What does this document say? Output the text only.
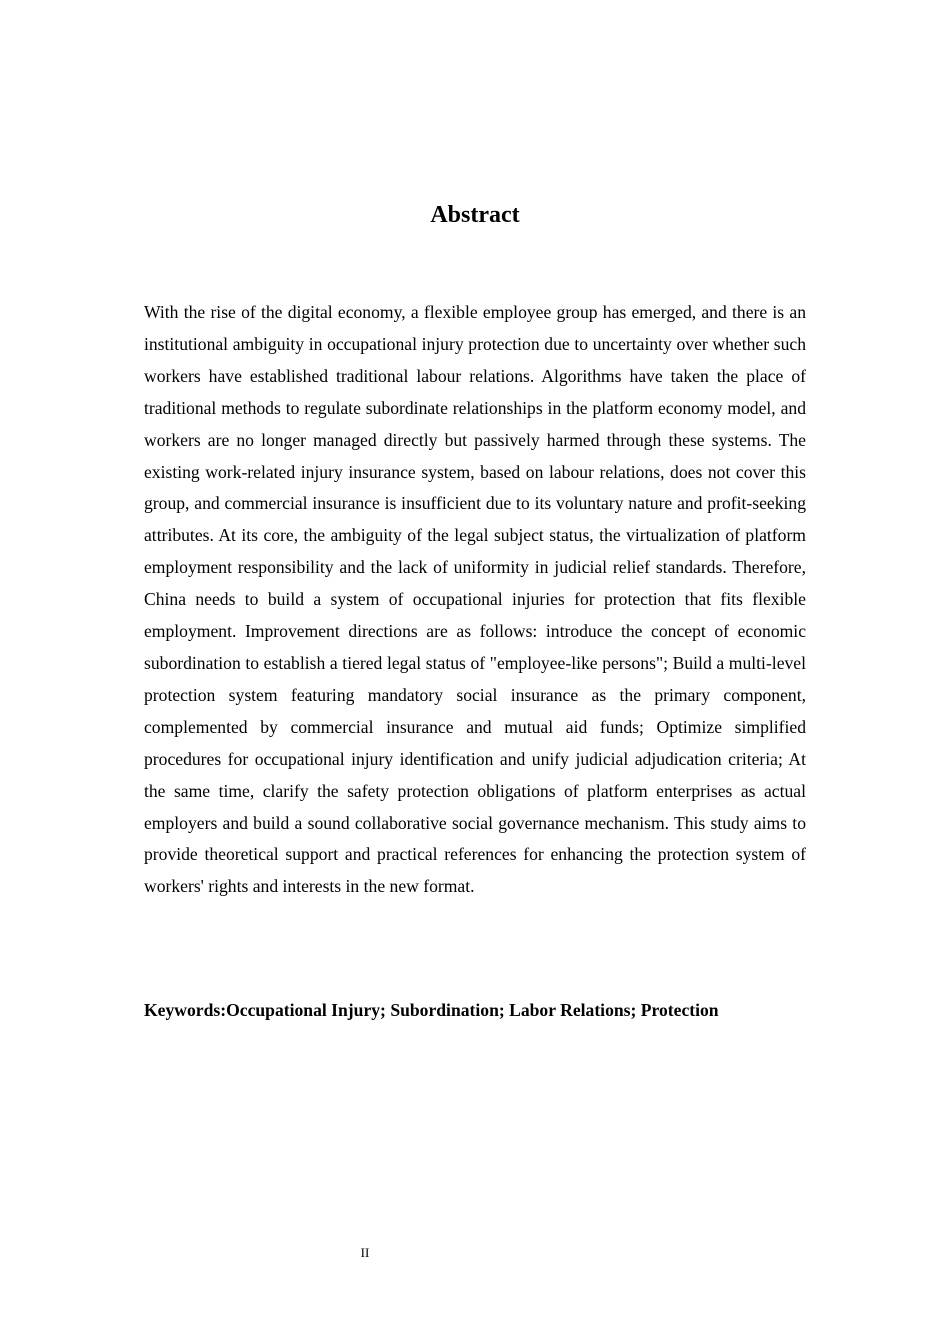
Abstract

With the rise of the digital economy, a flexible employee group has emerged, and there is an institutional ambiguity in occupational injury protection due to uncertainty over whether such workers have established traditional labour relations. Algorithms have taken the place of traditional methods to regulate subordinate relationships in the platform economy model, and workers are no longer managed directly but passively harmed through these systems. The existing work-related injury insurance system, based on labour relations, does not cover this group, and commercial insurance is insufficient due to its voluntary nature and profit-seeking attributes. At its core, the ambiguity of the legal subject status, the virtualization of platform employment responsibility and the lack of uniformity in judicial relief standards. Therefore, China needs to build a system of occupational injuries for protection that fits flexible employment. Improvement directions are as follows: introduce the concept of economic subordination to establish a tiered legal status of "employee-like persons"; Build a multi-level protection system featuring mandatory social insurance as the primary component, complemented by commercial insurance and mutual aid funds; Optimize simplified procedures for occupational injury identification and unify judicial adjudication criteria; At the same time, clarify the safety protection obligations of platform enterprises as actual employers and build a sound collaborative social governance mechanism. This study aims to provide theoretical support and practical references for enhancing the protection system of workers' rights and interests in the new format.

Keywords:Occupational Injury; Subordination; Labor Relations; Protection

II
